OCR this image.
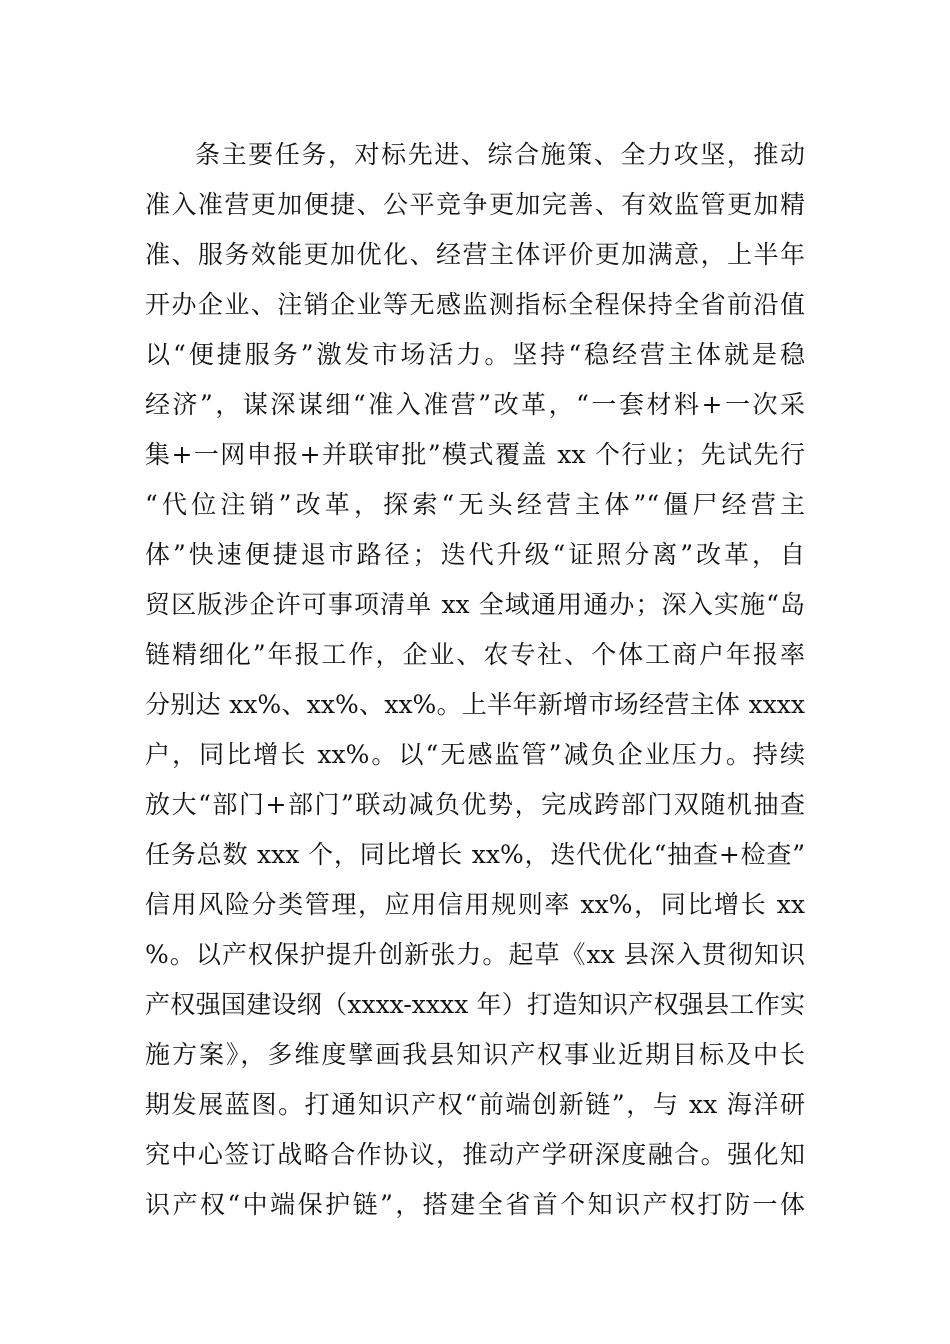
条主要任务，对标先进、综合施策、全力攻坚，推动
准入准营更加便捷、公平竞争更加完善、有效监管更加精
准、服务效能更加优化、经营主体评价更加满意，上半年
开办企业、注销企业等无感监测指标全程保持全省前沿值
以“便捷服务”激发市场活力。坚持“稳经营主体就是稳
经济”，谋深谋细“准入准营”改革，“一套材料+一次采
集+一网申报+并联审批”模式覆盖 xx 个行业；先试先行
“代位注销”改革，探索“无头经营主体”“僵尸经营主
体”快速便捷退市路径；迭代升级“证照分离”改革，自
贸区版涉企许可事项清单 xx 全域通用通办；深入实施“岛
链精细化”年报工作，企业、农专社、个体工商户年报率
分别达 xx%、xx%、xx%。上半年新增市场经营主体 xxxx
户，同比增长 xx%。以“无感监管”减负企业压力。持续
放大“部门+部门”联动减负优势，完成跨部门双随机抽查
任务总数 xxx 个，同比增长 xx%，迭代优化“抽查+检查”
信用风险分类管理，应用信用规则率 xx%，同比增长 xx
%。以产权保护提升创新张力。起草《xx 县深入贯彻知识
产权强国建设纲（xxxx-xxxx 年）打造知识产权强县工作实
施方案》，多维度擘画我县知识产权事业近期目标及中长
期发展蓝图。打通知识产权“前端创新链”，与 xx 海洋研
究中心签订战略合作协议，推动产学研深度融合。强化知
识产权“中端保护链”，搭建全省首个知识产权打防一体
